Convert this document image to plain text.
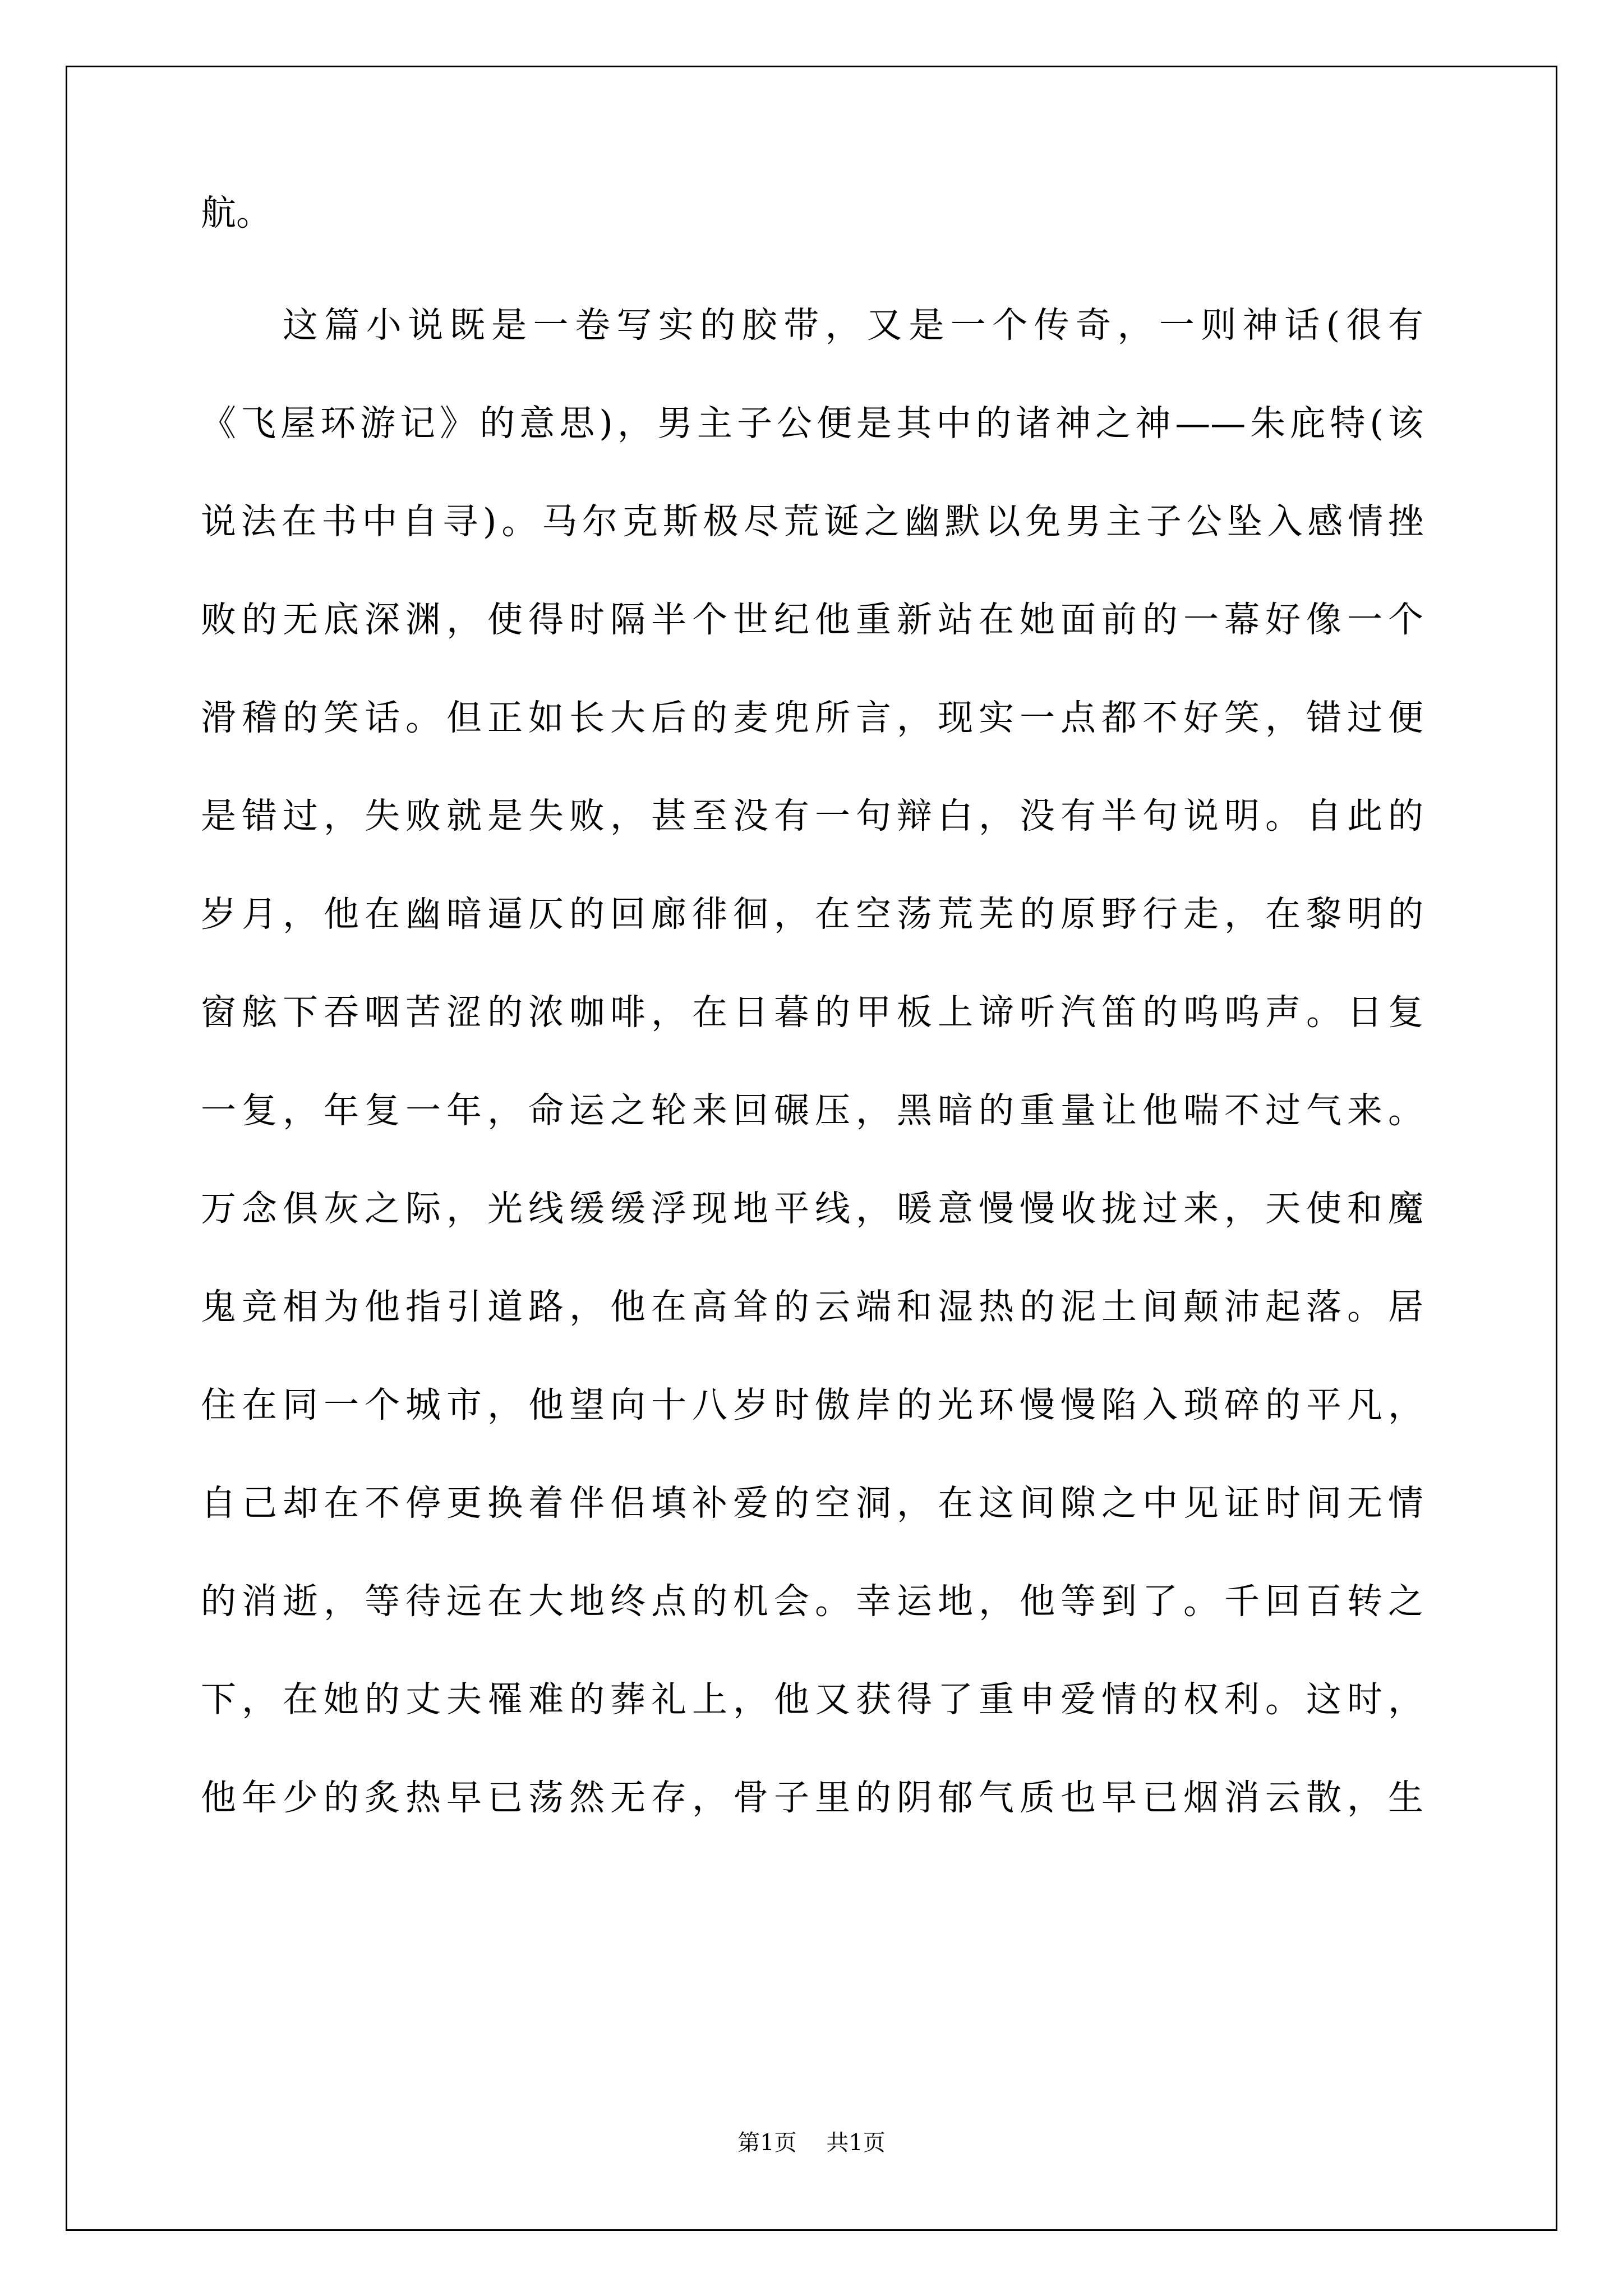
航。
这篇小说既是一卷写实的胶带，又是一个传奇，一则神话(很有
《飞屋环游记》的意思)，男主子公便是其中的诸神之神——朱庇特(该
说法在书中自寻)。马尔克斯极尽荒诞之幽默以免男主子公坠入感情挫
败的无底深渊，使得时隔半个世纪他重新站在她面前的一幕好像一个
滑稽的笑话。但正如长大后的麦兜所言，现实一点都不好笑，错过便
是错过，失败就是失败，甚至没有一句辩白，没有半句说明。自此的
岁月，他在幽暗逼仄的回廊徘徊，在空荡荒芜的原野行走，在黎明的
窗舷下吞咽苦涩的浓咖啡，在日暮的甲板上谛听汽笛的呜呜声。日复
一复，年复一年，命运之轮来回碾压，黑暗的重量让他喘不过气来。
万念俱灰之际，光线缓缓浮现地平线，暖意慢慢收拢过来，天使和魔
鬼竞相为他指引道路，他在高耸的云端和湿热的泥土间颠沛起落。居
住在同一个城市，他望向十八岁时傲岸的光环慢慢陷入琐碎的平凡，
自己却在不停更换着伴侣填补爱的空洞，在这间隙之中见证时间无情
的消逝，等待远在大地终点的机会。幸运地，他等到了。千回百转之
下，在她的丈夫罹难的葬礼上，他又获得了重申爱情的权利。这时，
他年少的炙热早已荡然无存，骨子里的阴郁气质也早已烟消云散，生
第1页 共1页
